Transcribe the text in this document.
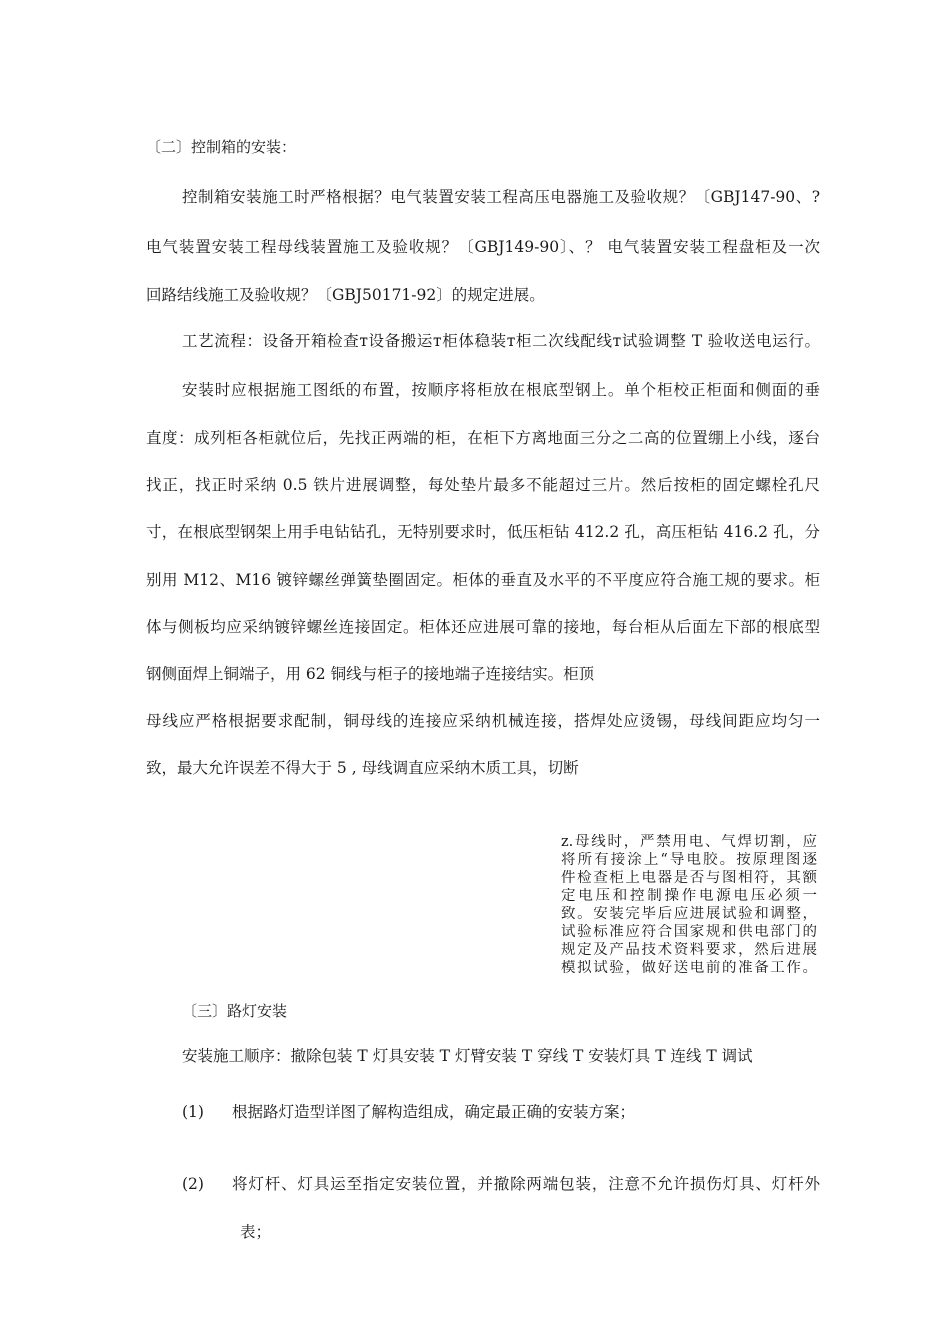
〔二〕控制箱的安装：
控制箱安装施工时严格根据？电气装置安装工程高压电器施工及验收规？〔GBJ147-90、?
电气装置安装工程母线装置施工及验收规？〔GBJ149-90〕、？ 电气装置安装工程盘柜及一次
回路结线施工及验收规？〔GBJ50171-92〕的规定进展。
工艺流程：设备开箱检查ᴛ设备搬运ᴛ柜体稳装ᴛ柜二次线配线ᴛ试验调整 T 验收送电运行。
安装时应根据施工图纸的布置，按顺序将柜放在根底型钢上。单个柜校正柜面和侧面的垂
直度：成列柜各柜就位后，先找正两端的柜，在柜下方离地面三分之二高的位置绷上小线，逐台
找正，找正时采纳 0.5 铁片进展调整，每处垫片最多不能超过三片。然后按柜的固定螺栓孔尺
寸，在根底型钢架上用手电钻钻孔，无特别要求时，低压柜钻 412.2 孔，高压柜钻 416.2 孔，分
别用 M12、M16 镀锌螺丝弹簧垫圈固定。柜体的垂直及水平的不平度应符合施工规的要求。柜
体与侧板均应采纳镀锌螺丝连接固定。柜体还应进展可靠的接地，每台柜从后面左下部的根底型
钢侧面焊上铜端子，用 62 铜线与柜子的接地端子连接结实。柜顶
母线应严格根据要求配制，铜母线的连接应采纳机械连接，搭焊处应烫锡，母线间距应均匀一
致，最大允许误差不得大于 5 , 母线调直应采纳木质工具，切断
z.母线时，严禁用电、气焊切割，应
将所有接涂上“导电胶。按原理图逐
件检查柜上电器是否与图相符，其额
定电压和控制操作电源电压必须一
致。安装完毕后应进展试验和调整，
试验标准应符合国家规和供电部门的
规定及产品技术资料要求，然后进展
模拟试验，做好送电前的准备工作。
〔三〕路灯安装
安装施工顺序：撤除包装 T 灯具安装 T 灯臂安装 T 穿线 T 安装灯具 T 连线 T 调试
(1) 根据路灯造型详图了解构造组成，确定最正确的安装方案；
(2) 将灯杆、灯具运至指定安装位置，并撤除两端包装，注意不允许损伤灯具、灯杆外
表；
